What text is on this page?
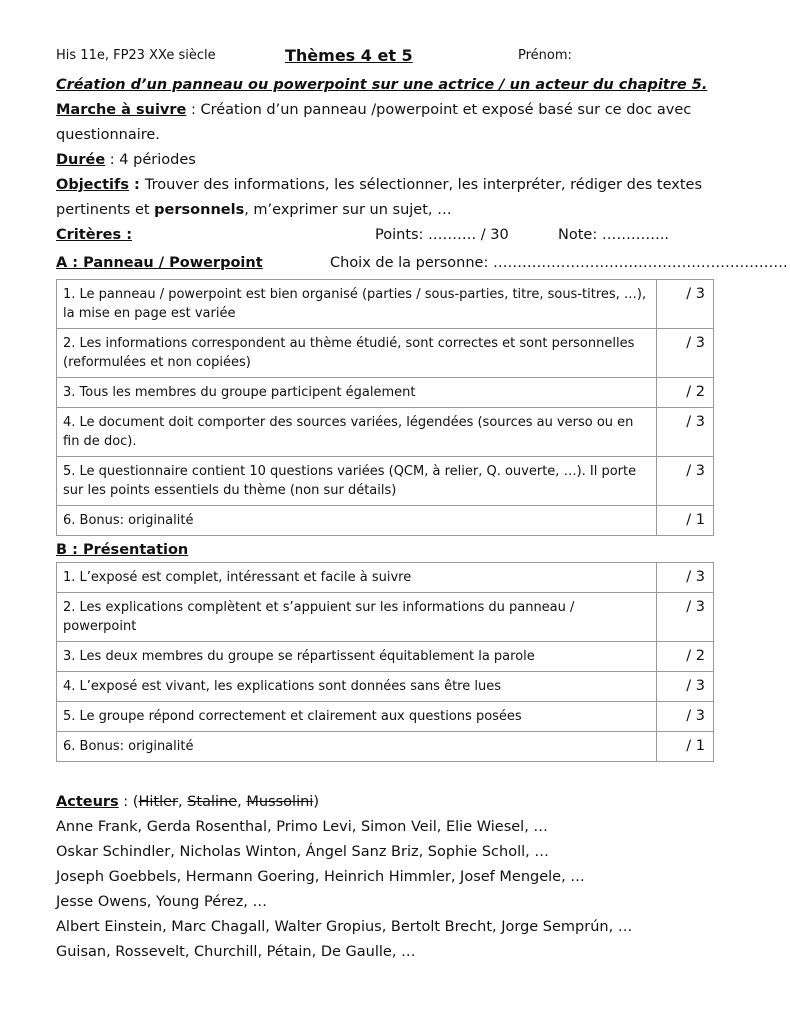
His 11e, FP23 XXe siècle	Thèmes 4 et 5	Prénom:
Création d’un panneau ou powerpoint sur une actrice / un acteur du chapitre 5.
Marche à suivre : Création d’un panneau /powerpoint et exposé basé sur ce doc avec questionnaire.
Durée : 4 périodes
Objectifs : Trouver des informations, les sélectionner, les interpréter, rédiger des textes pertinents et personnels, m’exprimer sur un sujet, …
Critères :	Points: ………. / 30	Note: …………..
A : Panneau / Powerpoint	Choix de la personne: …………………………………………………….
1. Le panneau / powerpoint est bien organisé (parties / sous-parties, titre, sous-titres, …), la mise en page est variée	/ 3
2. Les informations correspondent au thème étudié, sont correctes et sont personnelles (reformulées et non copiées)	/ 3
3. Tous les membres du groupe participent également	/ 2
4. Le document doit comporter des sources variées, légendées (sources au verso ou en fin de doc).	/ 3
5. Le questionnaire contient 10 questions variées (QCM, à relier, Q. ouverte, …). Il porte sur les points essentiels du thème (non sur détails)	/ 3
6. Bonus: originalité	/ 1
B : Présentation
1. L’exposé est complet, intéressant et facile à suivre	/ 3
2. Les explications complètent et s’appuient sur les informations du panneau / powerpoint	/ 3
3. Les deux membres du groupe se répartissent équitablement la parole	/ 2
4. L’exposé est vivant, les explications sont données sans être lues	/ 3
5. Le groupe répond correctement et clairement aux questions posées	/ 3
6. Bonus: originalité	/ 1
Acteurs : (Hitler, Staline, Mussolini)
Anne Frank, Gerda Rosenthal, Primo Levi, Simon Veil, Elie Wiesel, …
Oskar Schindler, Nicholas Winton, Ángel Sanz Briz, Sophie Scholl, …
Joseph Goebbels, Hermann Goering, Heinrich Himmler, Josef Mengele, …
Jesse Owens, Young Pérez, …
Albert Einstein, Marc Chagall, Walter Gropius, Bertolt Brecht, Jorge Semprún, …
Guisan, Rossevelt, Churchill, Pétain, De Gaulle, …
